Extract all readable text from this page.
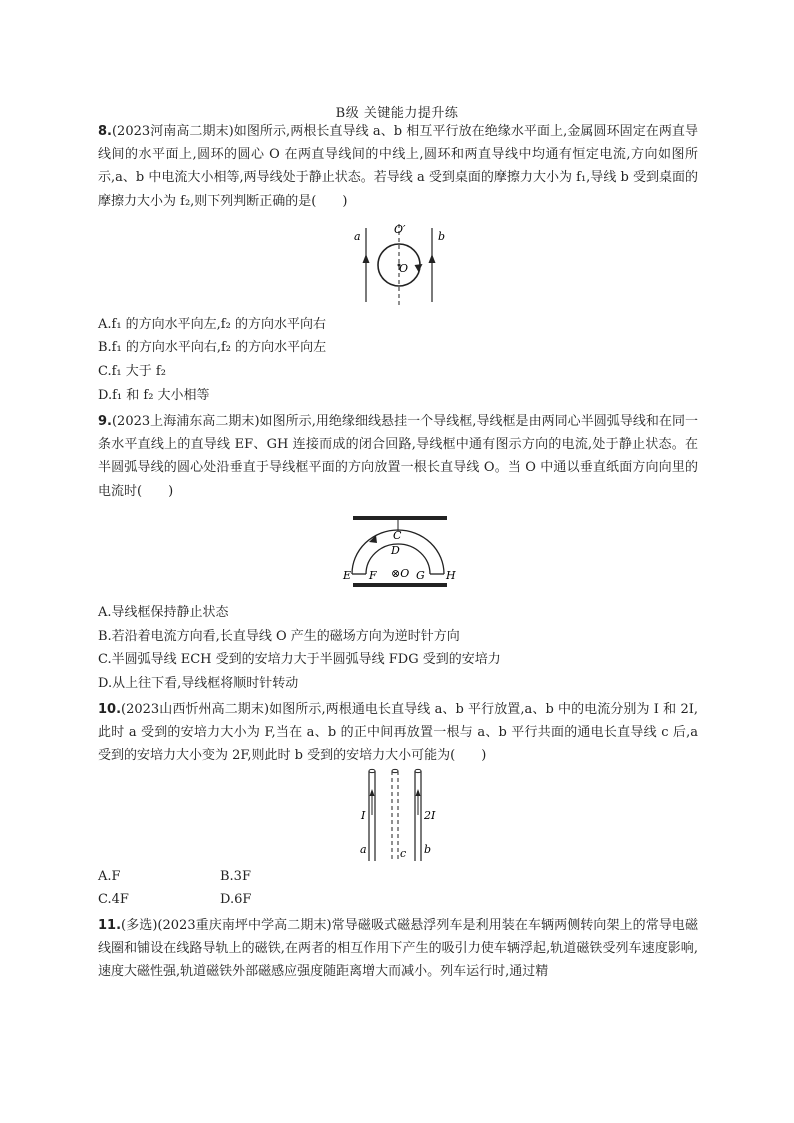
B级 关键能力提升练
8.(2023河南高二期末)如图所示,两根长直导线 a、b 相互平行放在绝缘水平面上,金属圆环固定在两直导线间的水平面上,圆环的圆心 O 在两直导线间的中线上,圆环和两直导线中均通有恒定电流,方向如图所示,a、b 中电流大小相等,两导线处于静止状态。若导线 a 受到桌面的摩擦力大小为 f₁,导线 b 受到桌面的摩擦力大小为 f₂,则下列判断正确的是(　　)
a	b
O′
O
A.f₁ 的方向水平向左,f₂ 的方向水平向右
B.f₁ 的方向水平向右,f₂ 的方向水平向左
C.f₁ 大于 f₂
D.f₁ 和 f₂ 大小相等
9.(2023上海浦东高二期末)如图所示,用绝缘细线悬挂一个导线框,导线框是由两同心半圆弧导线和在同一条水平直线上的直导线 EF、GH 连接而成的闭合回路,导线框中通有图示方向的电流,处于静止状态。在半圆弧导线的圆心处沿垂直于导线框平面的方向放置一根长直导线 O。当 O 中通以垂直纸面方向向里的电流时(　　)
C
D
E F ⊗O G H
A.导线框保持静止状态
B.若沿着电流方向看,长直导线 O 产生的磁场方向为逆时针方向
C.半圆弧导线 ECH 受到的安培力大于半圆弧导线 FDG 受到的安培力
D.从上往下看,导线框将顺时针转动
10.(2023山西忻州高二期末)如图所示,两根通电长直导线 a、b 平行放置,a、b 中的电流分别为 I 和 2I,此时 a 受到的安培力大小为 F,当在 a、b 的正中间再放置一根与 a、b 平行共面的通电长直导线 c 后,a 受到的安培力大小变为 2F,则此时 b 受到的安培力大小可能为(　　)
I	2I
a	c b
A.F	B.3F
C.4F	D.6F
11.(多选)(2023重庆南坪中学高二期末)常导磁吸式磁悬浮列车是利用装在车辆两侧转向架上的常导电磁线圈和铺设在线路导轨上的磁铁,在两者的相互作用下产生的吸引力使车辆浮起,轨道磁铁受列车速度影响,速度大磁性强,轨道磁铁外部磁感应强度随距离增大而减小。列车运行时,通过精
